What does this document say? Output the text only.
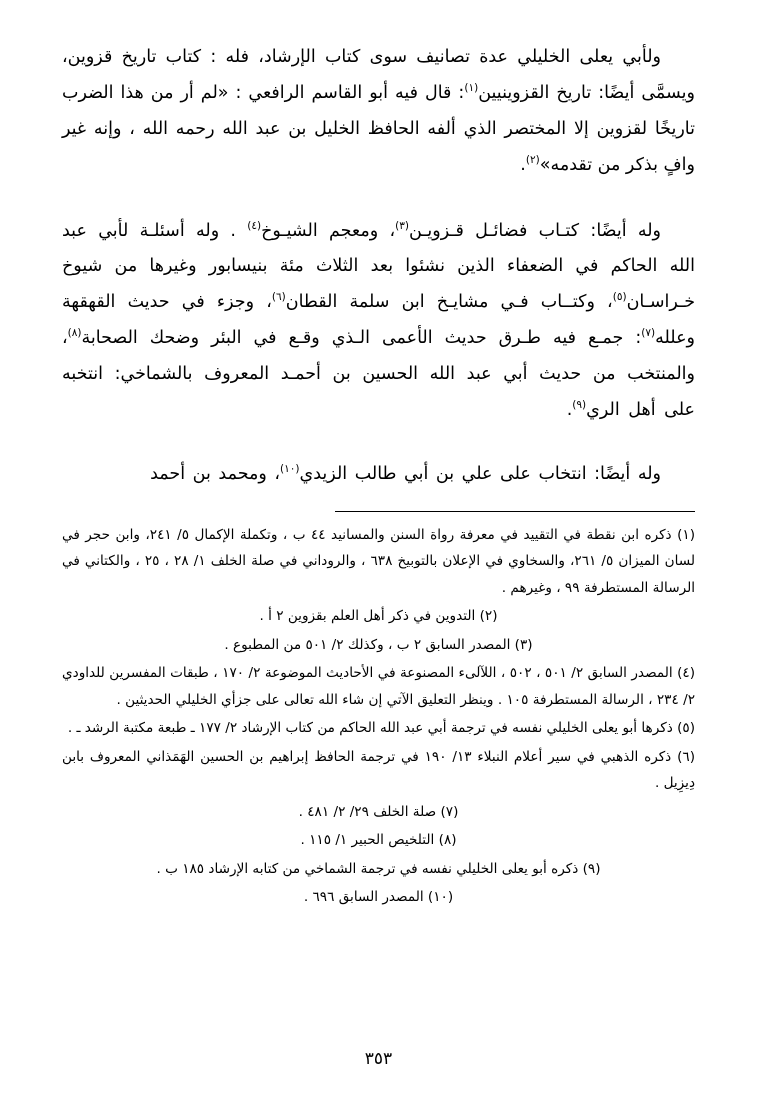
ولأبي يعلى الخليلي عدة تصانيف سوى كتاب الإرشاد، فله : كتاب تاريخ قزوين، ويسمَّى أيضًا: تاريخ القزوينيين$^{(١)}$: قال فيه أبو القاسم الرافعي : «لم أر من هذا الضرب تاريخًا لقزوين إلا المختصر الذي ألفه الحافظ الخليل بن عبد الله رحمه الله ، وإنه غير وافٍ بذكر من تقدمه»$^{(٢)}$.

وله أيضًا: كتـاب فضائـل قـزويـن$^{(٣)}$، ومعجم الشيـوخ$^{(٤)}$ . وله أسئلـة لأبي عبد الله الحاكم في الضعفاء الذين نشئوا بعد الثلاث مئة بنيسابور وغيرها من شيوخ خـراسـان$^{(٥)}$، وكتــاب فـي مشايـخ ابن سلمة القطان$^{(٦)}$، وجزء في حديث القهقهة وعلله$^{(٧)}$: جمـع فيه طـرق حديث الأعمى الـذي وقـع في البئر وضحك الصحابة$^{(٨)}$، والمنتخب من حديث أبي عبد الله الحسين بن أحمـد المعروف بالشماخي: انتخبه على أهل الري$^{(٩)}$.

وله أيضًا: انتخاب على علي بن أبي طالب الزيدي$^{(١٠)}$، ومحمد بن أحمد

(١) ذكره ابن نقطة في التقييد في معرفة رواة السنن والمسانيد ٤٤ ب ، وتكملة الإكمال ٥/ ٢٤١، وابن حجر في لسان الميزان ٥/ ٢٦١، والسخاوي في الإعلان بالتوبيخ ٦٣٨ ، والروداني في صلة الخلف ١/ ٢٨ ، ٢٥ ، والكتاني في الرسالة المستطرفة ٩٩ ، وغيرهم .

(٢) التدوين في ذكر أهل العلم بقزوين ٢ أ .

(٣) المصدر السابق ٢ ب ، وكذلك ٢/ ٥٠١ من المطبوع .

(٤) المصدر السابق ٢/ ٥٠١ ، ٥٠٢ ، اللآلىء المصنوعة في الأحاديث الموضوعة ٢/ ١٧٠ ، طبقات المفسرين للداودي ٢/ ٢٣٤ ، الرسالة المستطرفة ١٠٥ . وينظر التعليق الآتي إن شاء الله تعالى على جزأي الخليلي الحديثين .

(٥) ذكرها أبو يعلى الخليلي نفسه في ترجمة أبي عبد الله الحاكم من كتاب الإرشاد ٢/ ١٧٧ ـ طبعة مكتبة الرشد ـ .

(٦) ذكره الذهبي في سير أعلام النبلاء ١٣/ ١٩٠ في ترجمة الحافظ إبراهيم بن الحسين الهَمَذاني المعروف بابن دِيزِيل .

(٧) صلة الخلف ٢٩/ ٢/ ٤٨١ .

(٨) التلخيص الحبير ١/ ١١٥ .

(٩) ذكره أبو يعلى الخليلي نفسه في ترجمة الشماخي من كتابه الإرشاد ١٨٥ ب .

(١٠) المصدر السابق ٦٩٦ .

٣٥٣
